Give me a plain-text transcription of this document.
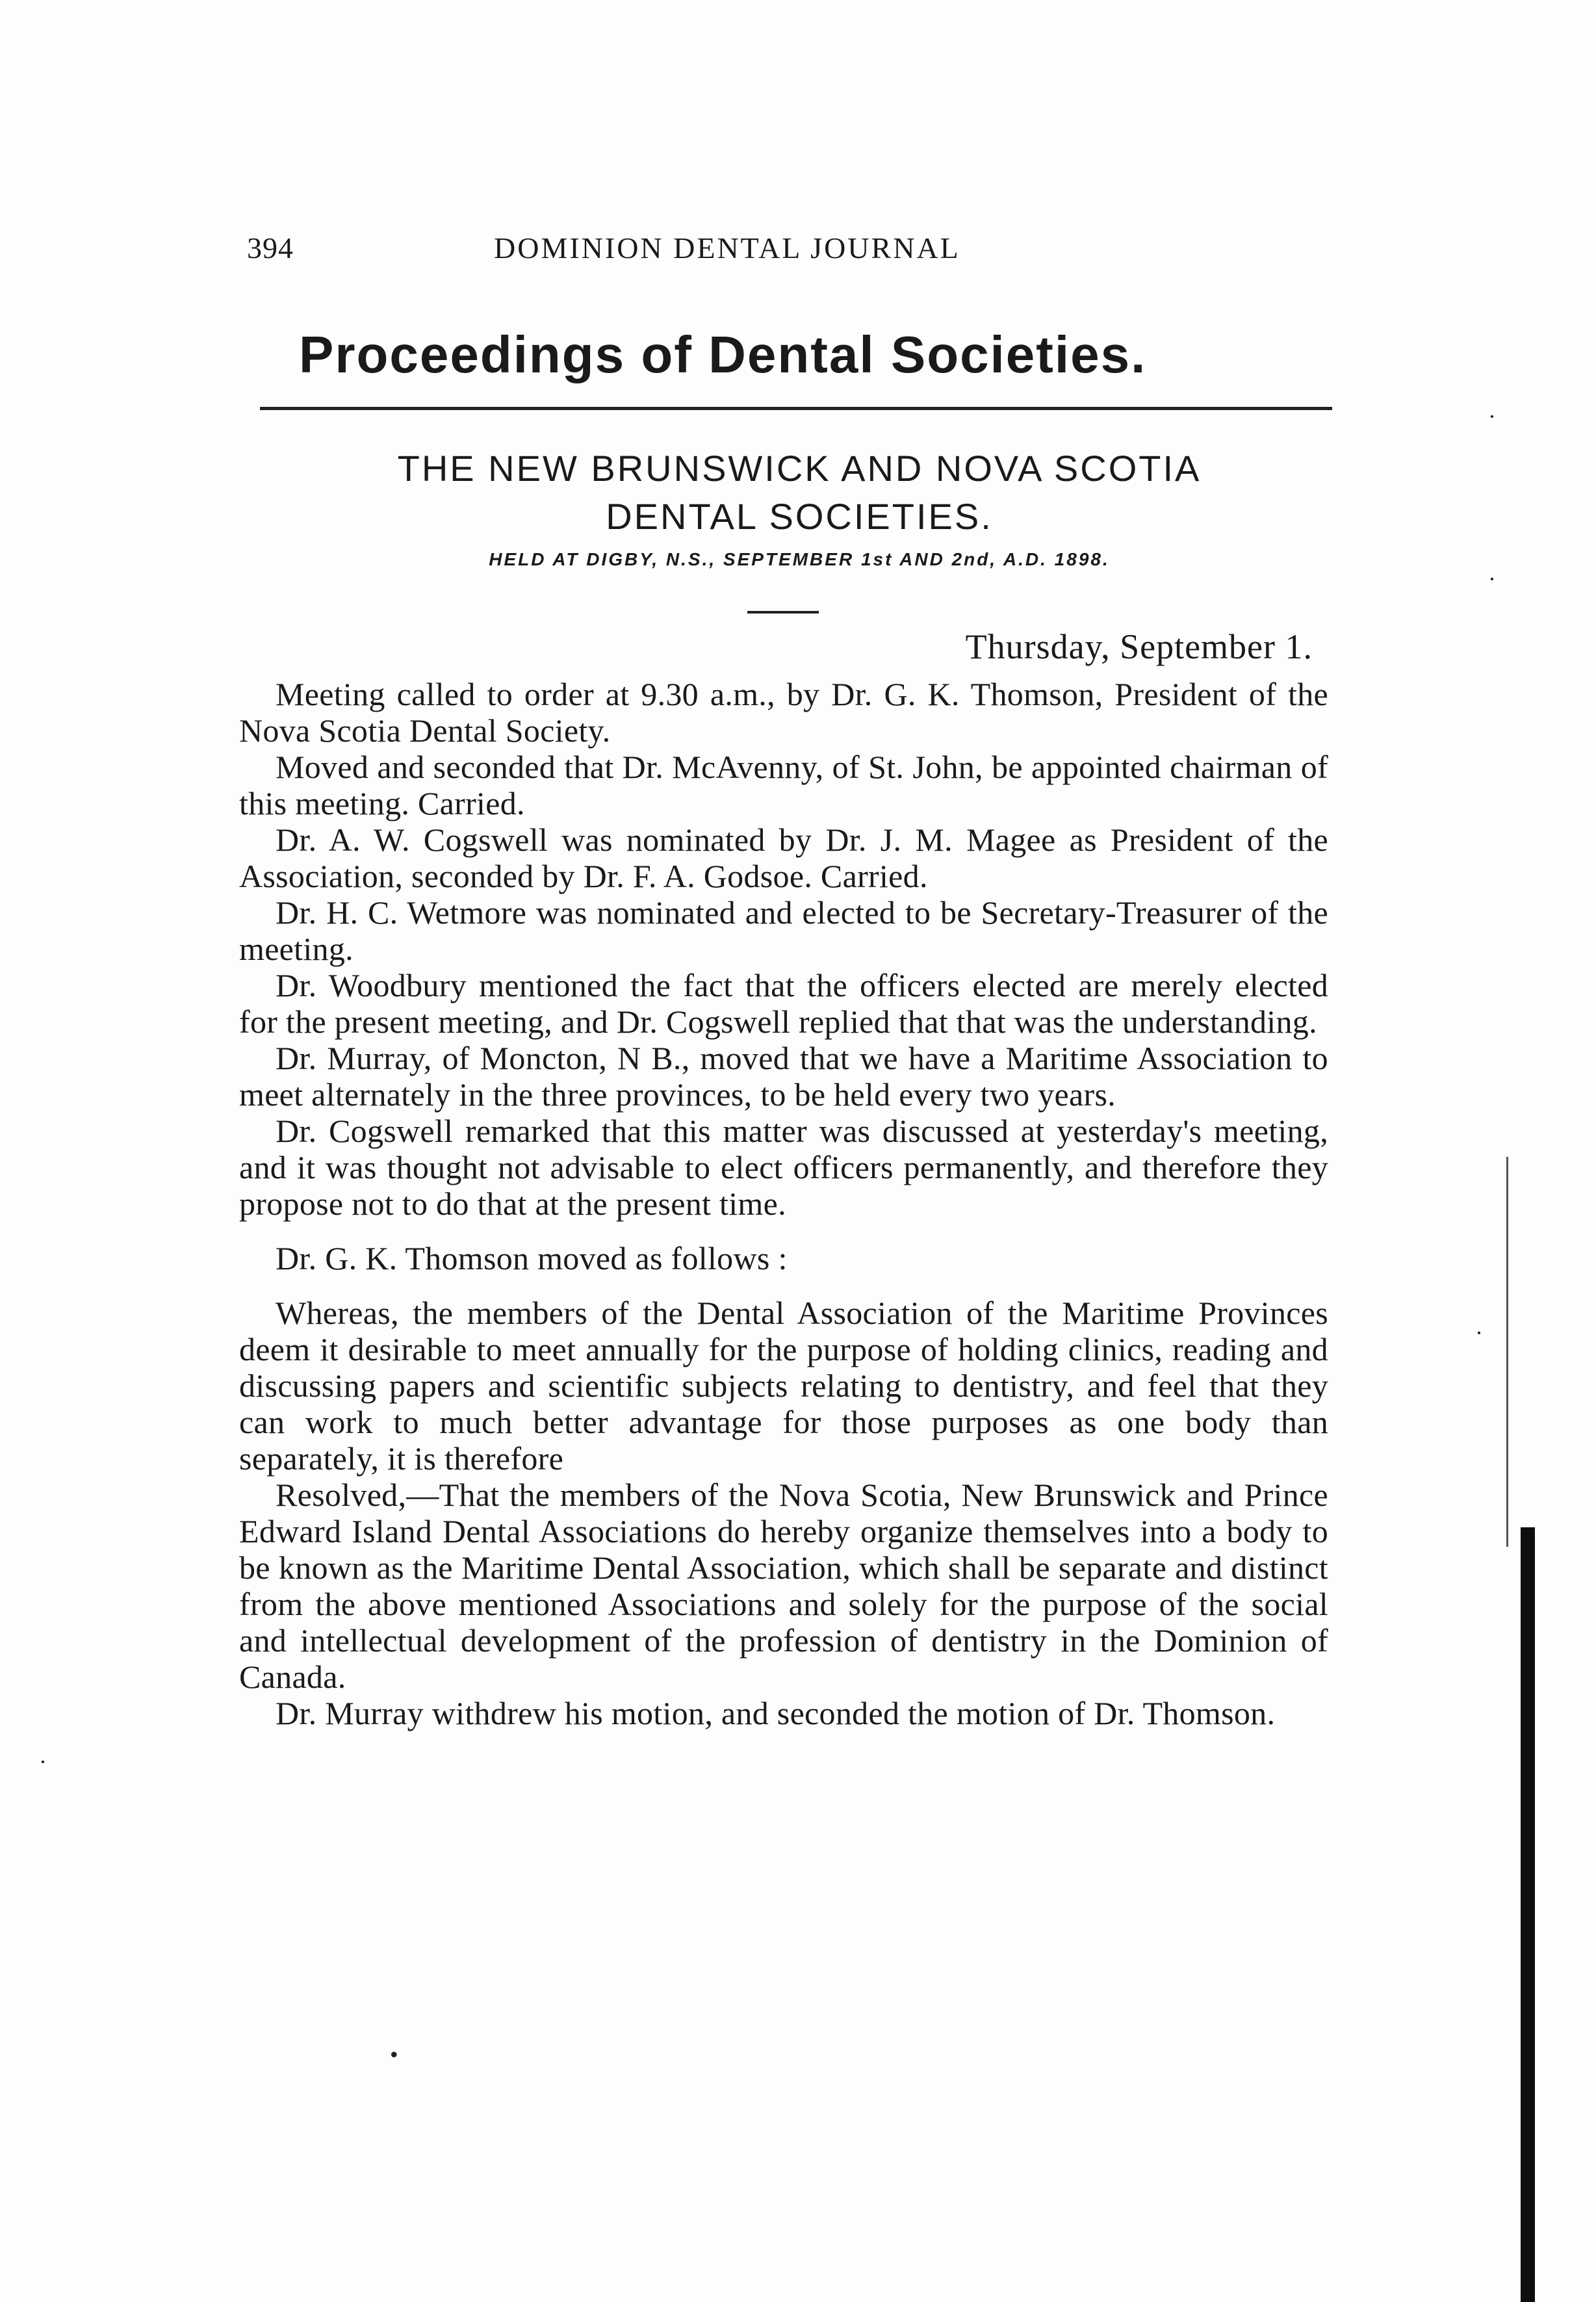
394	DOMINION DENTAL JOURNAL
Proceedings of Dental Societies.
THE NEW BRUNSWICK AND NOVA SCOTIA
DENTAL SOCIETIES.
HELD AT DIGBY, N.S., SEPTEMBER 1st AND 2nd, A.D. 1898.
Thursday, September 1.

Meeting called to order at 9.30 a.m., by Dr. G. K. Thomson, President of the Nova Scotia Dental Society.

Moved and seconded that Dr. McAvenny, of St. John, be appointed chairman of this meeting. Carried.

Dr. A. W. Cogswell was nominated by Dr. J. M. Magee as President of the Association, seconded by Dr. F. A. Godsoe. Carried.

Dr. H. C. Wetmore was nominated and elected to be Secretary-Treasurer of the meeting.

Dr. Woodbury mentioned the fact that the officers elected are merely elected for the present meeting, and Dr. Cogswell replied that that was the understanding.

Dr. Murray, of Moncton, N B., moved that we have a Maritime Association to meet alternately in the three provinces, to be held every two years.

Dr. Cogswell remarked that this matter was discussed at yesterday's meeting, and it was thought not advisable to elect officers permanently, and therefore they propose not to do that at the present time.

Dr. G. K. Thomson moved as follows :

Whereas, the members of the Dental Association of the Maritime Provinces deem it desirable to meet annually for the purpose of holding clinics, reading and discussing papers and scientific subjects relating to dentistry, and feel that they can work to much better advantage for those purposes as one body than separately, it is therefore

Resolved,—That the members of the Nova Scotia, New Brunswick and Prince Edward Island Dental Associations do hereby organize themselves into a body to be known as the Maritime Dental Association, which shall be separate and distinct from the above mentioned Associations and solely for the purpose of the social and intellectual development of the profession of dentistry in the Dominion of Canada.

Dr. Murray withdrew his motion, and seconded the motion of Dr. Thomson.

·
·
·
·
•
